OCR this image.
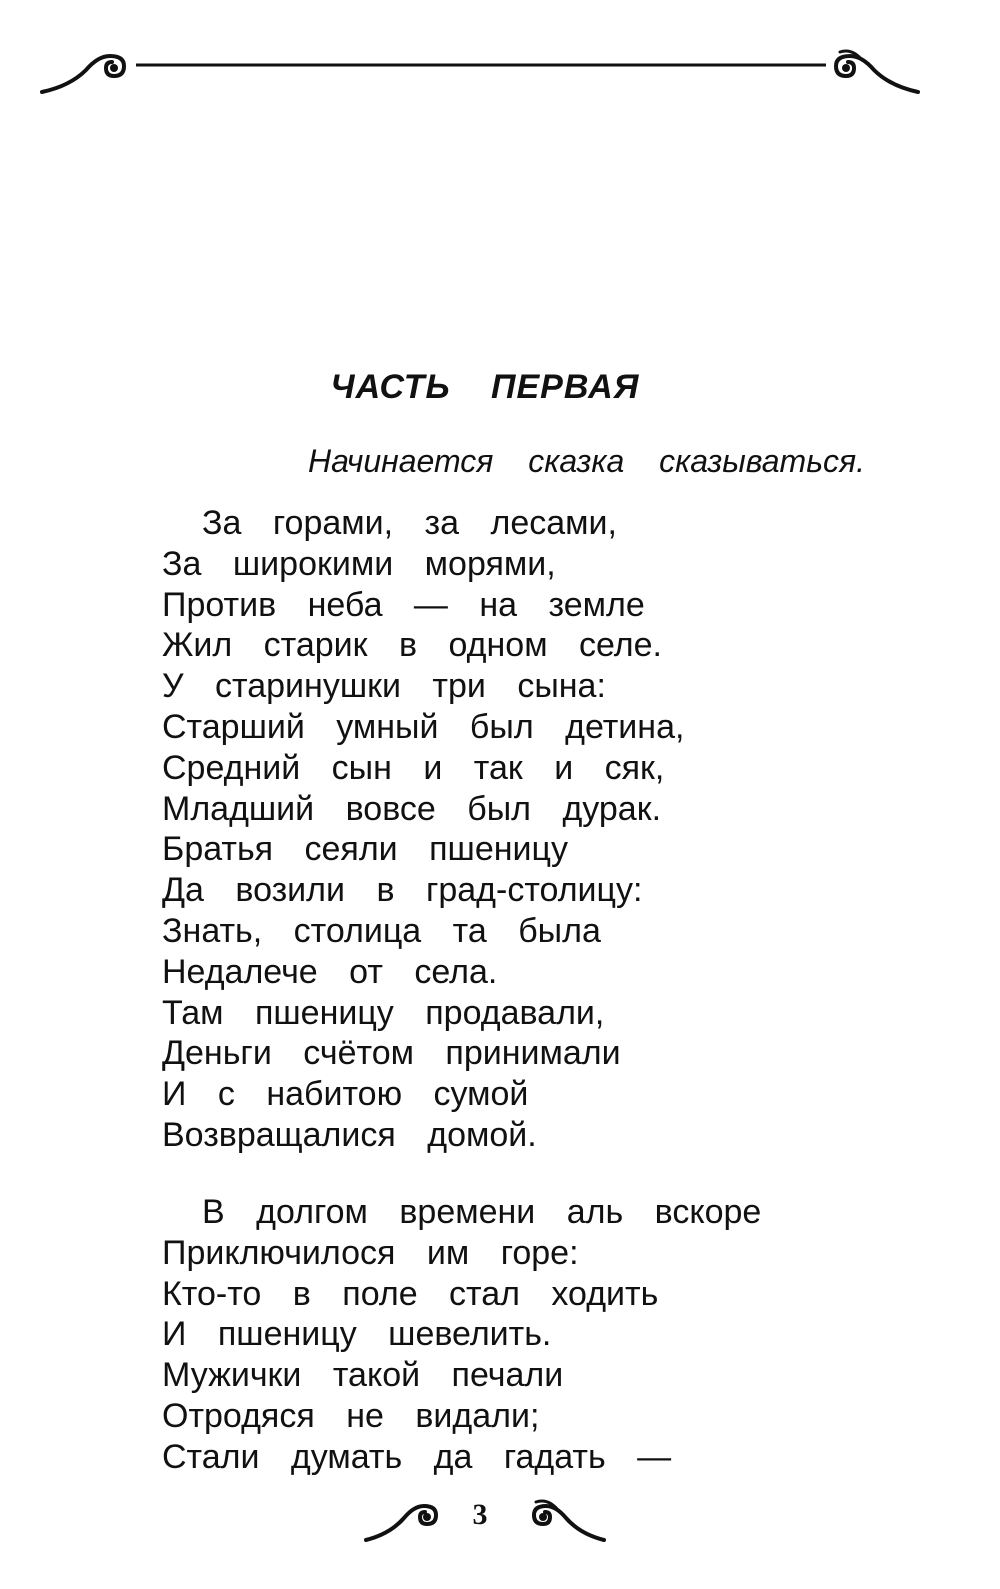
ЧАСТЬ ПЕРВАЯ
Начинается сказка сказываться.
За горами, за лесами,
За широкими морями,
Против неба — на земле
Жил старик в одном селе.
У старинушки три сына:
Старший умный был детина,
Средний сын и так и сяк,
Младший вовсе был дурак.
Братья сеяли пшеницу
Да возили в град-столицу:
Знать, столица та была
Недалече от села.
Там пшеницу продавали,
Деньги счётом принимали
И с набитою сумой
Возвращалися домой.
В долгом времени аль вскоре
Приключилося им горе:
Кто-то в поле стал ходить
И пшеницу шевелить.
Мужички такой печали
Отродяся не видали;
Стали думать да гадать —
3
